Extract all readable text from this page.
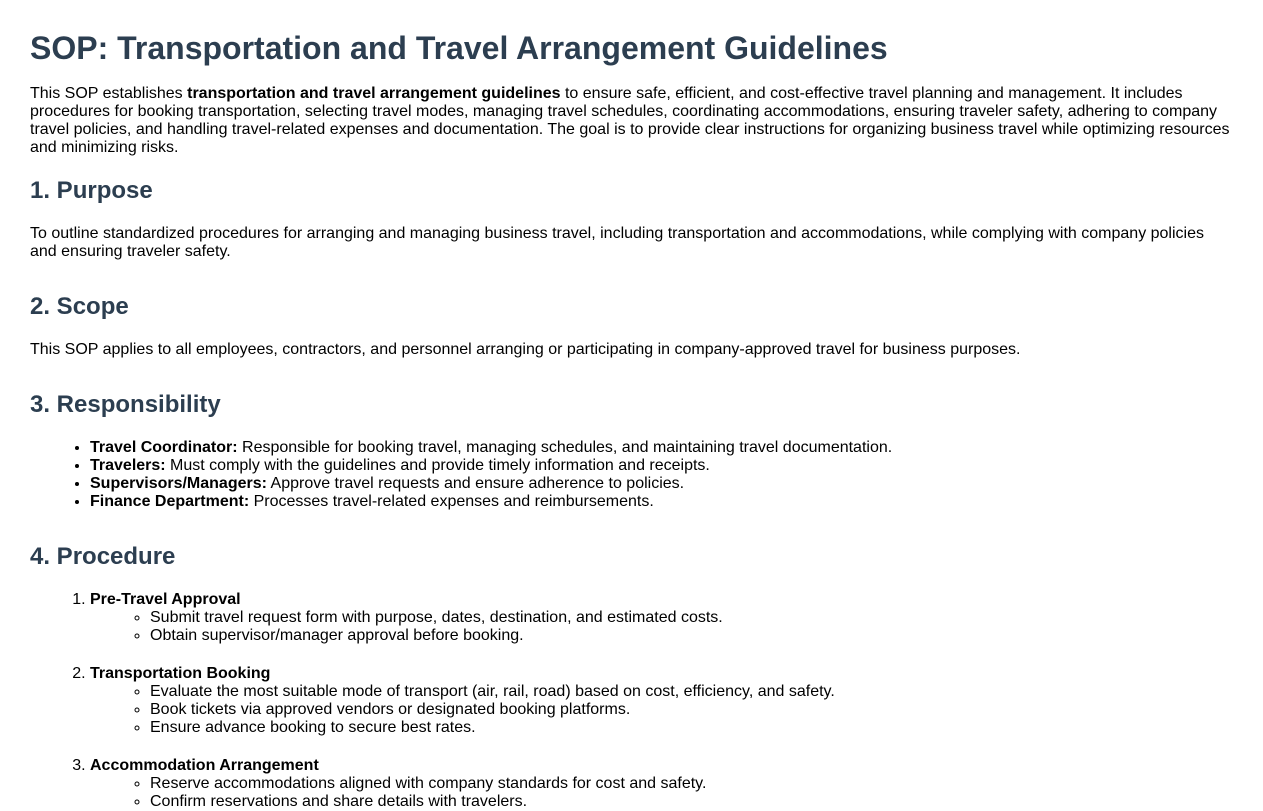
SOP: Transportation and Travel Arrangement Guidelines

This SOP establishes transportation and travel arrangement guidelines to ensure safe, efficient, and cost-effective travel planning and management. It includes procedures for booking transportation, selecting travel modes, managing travel schedules, coordinating accommodations, ensuring traveler safety, adhering to company travel policies, and handling travel-related expenses and documentation. The goal is to provide clear instructions for organizing business travel while optimizing resources and minimizing risks.

1. Purpose

To outline standardized procedures for arranging and managing business travel, including transportation and accommodations, while complying with company policies and ensuring traveler safety.

2. Scope

This SOP applies to all employees, contractors, and personnel arranging or participating in company-approved travel for business purposes.

3. Responsibility
• Travel Coordinator: Responsible for booking travel, managing schedules, and maintaining travel documentation.
• Travelers: Must comply with the guidelines and provide timely information and receipts.
• Supervisors/Managers: Approve travel requests and ensure adherence to policies.
• Finance Department: Processes travel-related expenses and reimbursements.
4. Procedure
1. Pre-Travel Approval
◦ Submit travel request form with purpose, dates, destination, and estimated costs.
◦ Obtain supervisor/manager approval before booking.
2. Transportation Booking
◦ Evaluate the most suitable mode of transport (air, rail, road) based on cost, efficiency, and safety.
◦ Book tickets via approved vendors or designated booking platforms.
◦ Ensure advance booking to secure best rates.
3. Accommodation Arrangement
◦ Reserve accommodations aligned with company standards for cost and safety.
◦ Confirm reservations and share details with travelers.
